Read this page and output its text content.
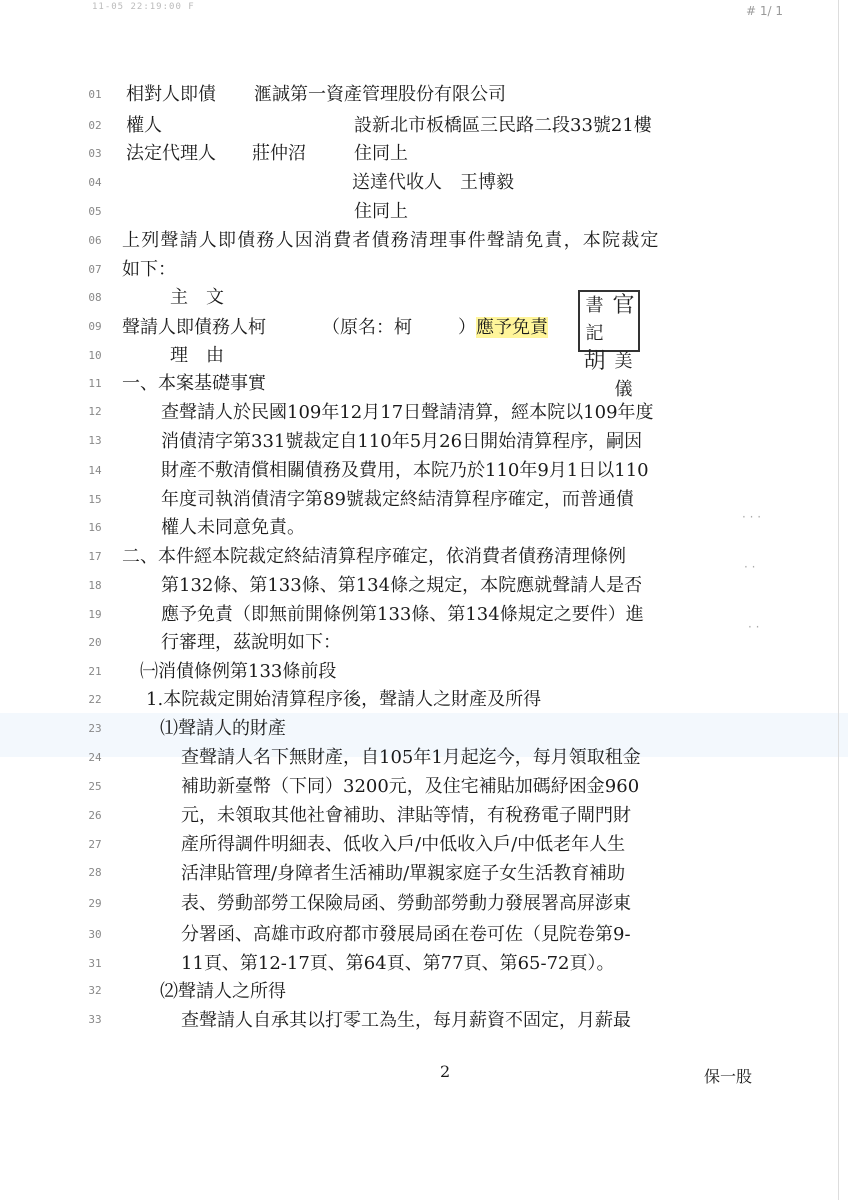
11-05 22:19:00 F	# 1/ 1
01
02
03
04
05
06
07
08
09
10
11
12
13
14
15
16
17
18
19
20
21
22
23
24
25
26
27
28
29
30
31
32
33
相對人即債 滙誠第一資產管理股份有限公司
權人	設新北市板橋區三民路二段33號21樓
法定代理人 莊仲沼	住同上
送達代收人　王博毅
住同上
上列聲請人即債務人因消費者債務清理事件聲請免責，本院裁定
如下：
主　文
聲請人即債務人柯	（原名：柯	）應予免責
書記
官
胡 美儀
理　由
一、本案基礎事實
查聲請人於民國109年12月17日聲請清算，經本院以109年度
消債清字第331號裁定自110年5月26日開始清算程序，嗣因
財產不敷清償相關債務及費用，本院乃於110年9月1日以110
年度司執消債清字第89號裁定終結清算程序確定，而普通債
權人未同意免責。
二、本件經本院裁定終結清算程序確定，依消費者債務清理條例
第132條、第133條、第134條之規定，本院應就聲請人是否
應予免責（即無前開條例第133條、第134條規定之要件）進
行審理，茲說明如下：
㈠消債條例第133條前段
1.本院裁定開始清算程序後，聲請人之財產及所得
⑴聲請人的財產
查聲請人名下無財產，自105年1月起迄今，每月領取租金
補助新臺幣（下同）3200元，及住宅補貼加碼紓困金960
元，未領取其他社會補助、津貼等情，有稅務電子閘門財
產所得調件明細表、低收入戶/中低收入戶/中低老年人生
活津貼管理/身障者生活補助/單親家庭子女生活教育補助
表、勞動部勞工保險局函、勞動部勞動力發展署高屏澎東
分署函、高雄市政府都市發展局函在卷可佐（見院卷第9-
11頁、第12-17頁、第64頁、第77頁、第65-72頁）。
⑵聲請人之所得
查聲請人自承其以打零工為生，每月薪資不固定，月薪最
· · ·
· ·
· ·
2	保一股
